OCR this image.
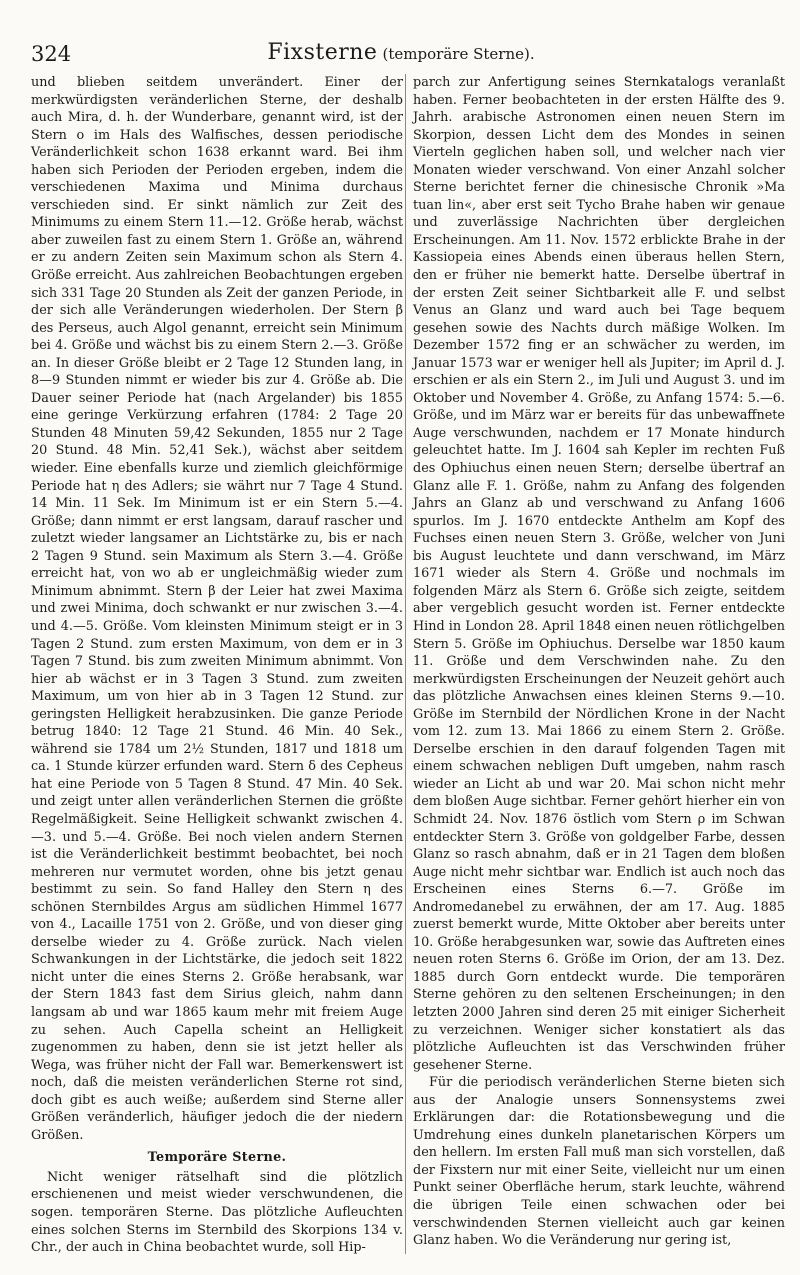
324	Fixsterne (temporäre Sterne).

und blieben seitdem unverändert. Einer der merkwürdigsten veränderlichen Sterne, der deshalb auch Mira, d. h. der Wunderbare, genannt wird, ist der Stern o im Hals des Walfisches, dessen periodische Veränderlichkeit schon 1638 erkannt ward. Bei ihm haben sich Perioden der Perioden ergeben, indem die verschiedenen Maxima und Minima durchaus verschieden sind. Er sinkt nämlich zur Zeit des Minimums zu einem Stern 11.—12. Größe herab, wächst aber zuweilen fast zu einem Stern 1. Größe an, während er zu andern Zeiten sein Maximum schon als Stern 4. Größe erreicht. Aus zahlreichen Beobachtungen ergeben sich 331 Tage 20 Stunden als Zeit der ganzen Periode, in der sich alle Veränderungen wiederholen. Der Stern β des Perseus, auch Algol genannt, erreicht sein Minimum bei 4. Größe und wächst bis zu einem Stern 2.—3. Größe an. In dieser Größe bleibt er 2 Tage 12 Stunden lang, in 8—9 Stunden nimmt er wieder bis zur 4. Größe ab. Die Dauer seiner Periode hat (nach Argelander) bis 1855 eine geringe Verkürzung erfahren (1784: 2 Tage 20 Stunden 48 Minuten 59,42 Sekunden, 1855 nur 2 Tage 20 Stund. 48 Min. 52,41 Sek.), wächst aber seitdem wieder. Eine ebenfalls kurze und ziemlich gleichförmige Periode hat η des Adlers; sie währt nur 7 Tage 4 Stund. 14 Min. 11 Sek. Im Minimum ist er ein Stern 5.—4. Größe; dann nimmt er erst langsam, darauf rascher und zuletzt wieder langsamer an Lichtstärke zu, bis er nach 2 Tagen 9 Stund. sein Maximum als Stern 3.—4. Größe erreicht hat, von wo ab er ungleichmäßig wieder zum Minimum abnimmt. Stern β der Leier hat zwei Maxima und zwei Minima, doch schwankt er nur zwischen 3.—4. und 4.—5. Größe. Vom kleinsten Minimum steigt er in 3 Tagen 2 Stund. zum ersten Maximum, von dem er in 3 Tagen 7 Stund. bis zum zweiten Minimum abnimmt. Von hier ab wächst er in 3 Tagen 3 Stund. zum zweiten Maximum, um von hier ab in 3 Tagen 12 Stund. zur geringsten Helligkeit herabzusinken. Die ganze Periode betrug 1840: 12 Tage 21 Stund. 46 Min. 40 Sek., während sie 1784 um 2½ Stunden, 1817 und 1818 um ca. 1 Stunde kürzer erfunden ward. Stern δ des Cepheus hat eine Periode von 5 Tagen 8 Stund. 47 Min. 40 Sek. und zeigt unter allen veränderlichen Sternen die größte Regelmäßigkeit. Seine Helligkeit schwankt zwischen 4.—3. und 5.—4. Größe. Bei noch vielen andern Sternen ist die Veränderlichkeit bestimmt beobachtet, bei noch mehreren nur vermutet worden, ohne bis jetzt genau bestimmt zu sein. So fand Halley den Stern η des schönen Sternbildes Argus am südlichen Himmel 1677 von 4., Lacaille 1751 von 2. Größe, und von dieser ging derselbe wieder zu 4. Größe zurück. Nach vielen Schwankungen in der Lichtstärke, die jedoch seit 1822 nicht unter die eines Sterns 2. Größe herabsank, war der Stern 1843 fast dem Sirius gleich, nahm dann langsam ab und war 1865 kaum mehr mit freiem Auge zu sehen. Auch Capella scheint an Helligkeit zugenommen zu haben, denn sie ist jetzt heller als Wega, was früher nicht der Fall war. Bemerkenswert ist noch, daß die meisten veränderlichen Sterne rot sind, doch gibt es auch weiße; außerdem sind Sterne aller Größen veränderlich, häufiger jedoch die der niedern Größen.

Temporäre Sterne.

Nicht weniger rätselhaft sind die plötzlich erschienenen und meist wieder verschwundenen, die sogen. temporären Sterne. Das plötzliche Aufleuchten eines solchen Sterns im Sternbild des Skorpions 134 v. Chr., der auch in China beobachtet wurde, soll Hip-

parch zur Anfertigung seines Sternkatalogs veranlaßt haben. Ferner beobachteten in der ersten Hälfte des 9. Jahrh. arabische Astronomen einen neuen Stern im Skorpion, dessen Licht dem des Mondes in seinen Vierteln geglichen haben soll, und welcher nach vier Monaten wieder verschwand. Von einer Anzahl solcher Sterne berichtet ferner die chinesische Chronik »Ma tuan lin«, aber erst seit Tycho Brahe haben wir genaue und zuverlässige Nachrichten über dergleichen Erscheinungen. Am 11. Nov. 1572 erblickte Brahe in der Kassiopeia eines Abends einen überaus hellen Stern, den er früher nie bemerkt hatte. Derselbe übertraf in der ersten Zeit seiner Sichtbarkeit alle F. und selbst Venus an Glanz und ward auch bei Tage bequem gesehen sowie des Nachts durch mäßige Wolken. Im Dezember 1572 fing er an schwächer zu werden, im Januar 1573 war er weniger hell als Jupiter; im April d. J. erschien er als ein Stern 2., im Juli und August 3. und im Oktober und November 4. Größe, zu Anfang 1574: 5.—6. Größe, und im März war er bereits für das unbewaffnete Auge verschwunden, nachdem er 17 Monate hindurch geleuchtet hatte. Im J. 1604 sah Kepler im rechten Fuß des Ophiuchus einen neuen Stern; derselbe übertraf an Glanz alle F. 1. Größe, nahm zu Anfang des folgenden Jahrs an Glanz ab und verschwand zu Anfang 1606 spurlos. Im J. 1670 entdeckte Anthelm am Kopf des Fuchses einen neuen Stern 3. Größe, welcher von Juni bis August leuchtete und dann verschwand, im März 1671 wieder als Stern 4. Größe und nochmals im folgenden März als Stern 6. Größe sich zeigte, seitdem aber vergeblich gesucht worden ist. Ferner entdeckte Hind in London 28. April 1848 einen neuen rötlichgelben Stern 5. Größe im Ophiuchus. Derselbe war 1850 kaum 11. Größe und dem Verschwinden nahe. Zu den merkwürdigsten Erscheinungen der Neuzeit gehört auch das plötzliche Anwachsen eines kleinen Sterns 9.—10. Größe im Sternbild der Nördlichen Krone in der Nacht vom 12. zum 13. Mai 1866 zu einem Stern 2. Größe. Derselbe erschien in den darauf folgenden Tagen mit einem schwachen nebligen Duft umgeben, nahm rasch wieder an Licht ab und war 20. Mai schon nicht mehr dem bloßen Auge sichtbar. Ferner gehört hierher ein von Schmidt 24. Nov. 1876 östlich vom Stern ρ im Schwan entdeckter Stern 3. Größe von goldgelber Farbe, dessen Glanz so rasch abnahm, daß er in 21 Tagen dem bloßen Auge nicht mehr sichtbar war. Endlich ist auch noch das Erscheinen eines Sterns 6.—7. Größe im Andromedanebel zu erwähnen, der am 17. Aug. 1885 zuerst bemerkt wurde, Mitte Oktober aber bereits unter 10. Größe herabgesunken war, sowie das Auftreten eines neuen roten Sterns 6. Größe im Orion, der am 13. Dez. 1885 durch Gorn entdeckt wurde. Die temporären Sterne gehören zu den seltenen Erscheinungen; in den letzten 2000 Jahren sind deren 25 mit einiger Sicherheit zu verzeichnen. Weniger sicher konstatiert als das plötzliche Aufleuchten ist das Verschwinden früher gesehener Sterne.

Für die periodisch veränderlichen Sterne bieten sich aus der Analogie unsers Sonnensystems zwei Erklärungen dar: die Rotationsbewegung und die Umdrehung eines dunkeln planetarischen Körpers um den hellern. Im ersten Fall muß man sich vorstellen, daß der Fixstern nur mit einer Seite, vielleicht nur um einen Punkt seiner Oberfläche herum, stark leuchte, während die übrigen Teile einen schwachen oder bei verschwindenden Sternen vielleicht auch gar keinen Glanz haben. Wo die Veränderung nur gering ist,
